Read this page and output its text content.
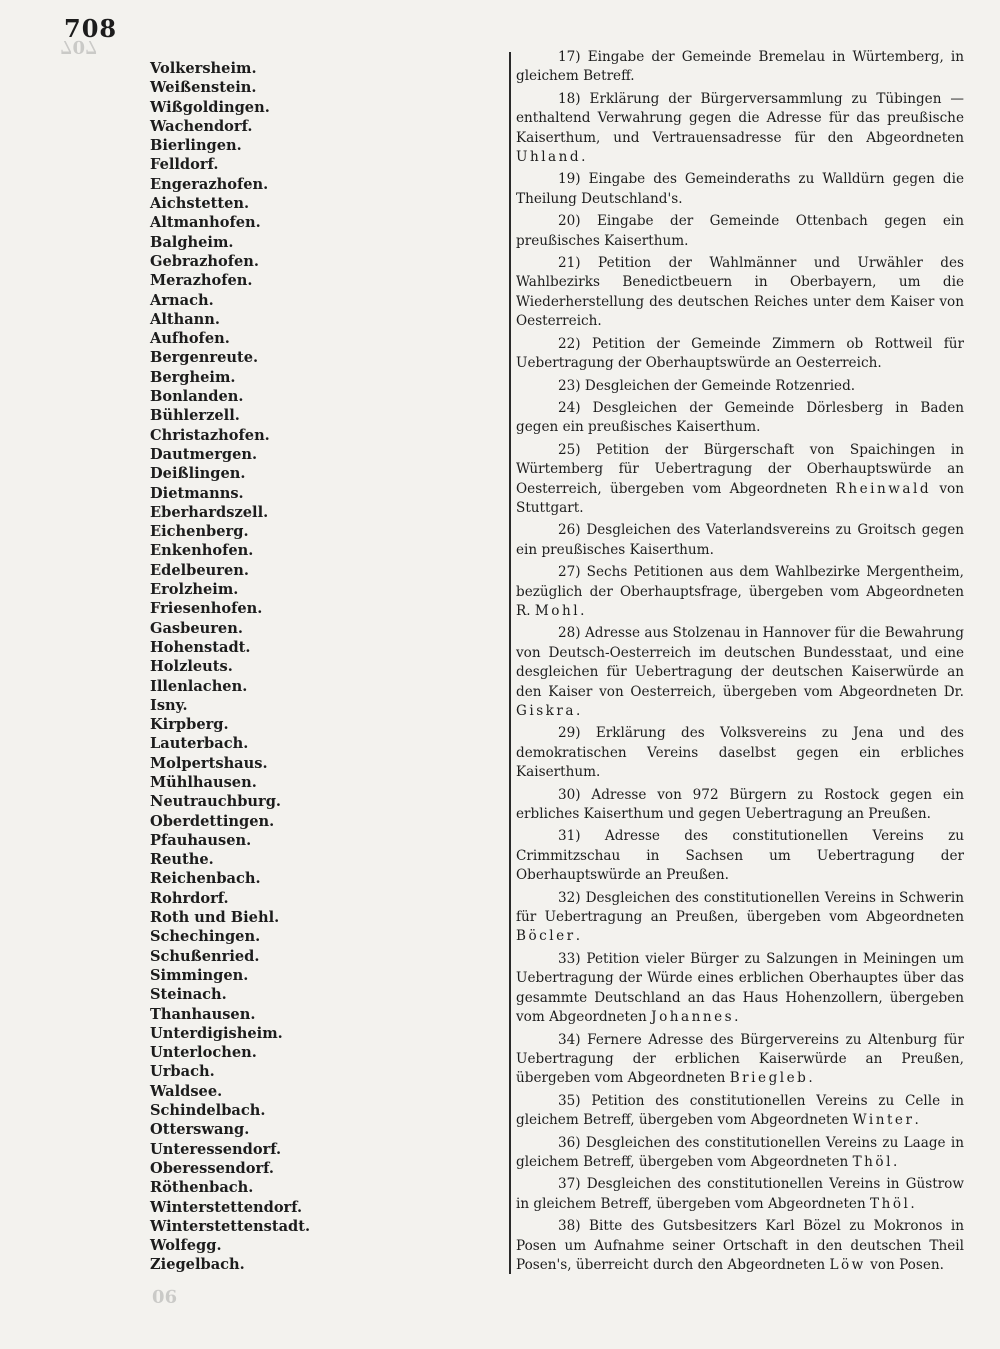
708
707
90
Volkersheim.
Weißenstein.
Wißgoldingen.
Wachendorf.
Bierlingen.
Felldorf.
Engerazhofen.
Aichstetten.
Altmanhofen.
Balgheim.
Gebrazhofen.
Merazhofen.
Arnach.
Althann.
Aufhofen.
Bergenreute.
Bergheim.
Bonlanden.
Bühlerzell.
Christazhofen.
Dautmergen.
Deißlingen.
Dietmanns.
Eberhardszell.
Eichenberg.
Enkenhofen.
Edelbeuren.
Erolzheim.
Friesenhofen.
Gasbeuren.
Hohenstadt.
Holzleuts.
Illenlachen.
Isny.
Kirpberg.
Lauterbach.
Molpertshaus.
Mühlhausen.
Neutrauchburg.
Oberdettingen.
Pfauhausen.
Reuthe.
Reichenbach.
Rohrdorf.
Roth und Biehl.
Schechingen.
Schußenried.
Simmingen.
Steinach.
Thanhausen.
Unterdigisheim.
Unterlochen.
Urbach.
Waldsee.
Schindelbach.
Otterswang.
Unteressendorf.
Oberessendorf.
Röthenbach.
Winterstettendorf.
Winterstettenstadt.
Wolfegg.
Ziegelbach.

17) Eingabe der Gemeinde Bremelau in Würtemberg, in gleichem Betreff.

18) Erklärung der Bürgerversammlung zu Tübingen — enthaltend Verwahrung gegen die Adresse für das preußische Kaiserthum, und Vertrauensadresse für den Abgeordneten Uhland.

19) Eingabe des Gemeinderaths zu Walldürn gegen die Theilung Deutschland's.

20) Eingabe der Gemeinde Ottenbach gegen ein preußisches Kaiserthum.

21) Petition der Wahlmänner und Urwähler des Wahlbezirks Benedictbeuern in Oberbayern, um die Wiederherstellung des deutschen Reiches unter dem Kaiser von Oesterreich.

22) Petition der Gemeinde Zimmern ob Rottweil für Uebertragung der Oberhauptswürde an Oesterreich.

23) Desgleichen der Gemeinde Rotzenried.

24) Desgleichen der Gemeinde Dörlesberg in Baden gegen ein preußisches Kaiserthum.

25) Petition der Bürgerschaft von Spaichingen in Würtemberg für Uebertragung der Oberhauptswürde an Oesterreich, übergeben vom Abgeordneten Rheinwald von Stuttgart.

26) Desgleichen des Vaterlandsvereins zu Groitsch gegen ein preußisches Kaiserthum.

27) Sechs Petitionen aus dem Wahlbezirke Mergentheim, bezüglich der Oberhauptsfrage, übergeben vom Abgeordneten R. Mohl.

28) Adresse aus Stolzenau in Hannover für die Bewahrung von Deutsch-Oesterreich im deutschen Bundesstaat, und eine desgleichen für Uebertragung der deutschen Kaiserwürde an den Kaiser von Oesterreich, übergeben vom Abgeordneten Dr. Giskra.

29) Erklärung des Volksvereins zu Jena und des demokratischen Vereins daselbst gegen ein erbliches Kaiserthum.

30) Adresse von 972 Bürgern zu Rostock gegen ein erbliches Kaiserthum und gegen Uebertragung an Preußen.

31) Adresse des constitutionellen Vereins zu Crimmitzschau in Sachsen um Uebertragung der Oberhauptswürde an Preußen.

32) Desgleichen des constitutionellen Vereins in Schwerin für Uebertragung an Preußen, übergeben vom Abgeordneten Böcler.

33) Petition vieler Bürger zu Salzungen in Meiningen um Uebertragung der Würde eines erblichen Oberhauptes über das gesammte Deutschland an das Haus Hohenzollern, übergeben vom Abgeordneten Johannes.

34) Fernere Adresse des Bürgervereins zu Altenburg für Uebertragung der erblichen Kaiserwürde an Preußen, übergeben vom Abgeordneten Briegleb.

35) Petition des constitutionellen Vereins zu Celle in gleichem Betreff, übergeben vom Abgeordneten Winter.

36) Desgleichen des constitutionellen Vereins zu Laage in gleichem Betreff, übergeben vom Abgeordneten Thöl.

37) Desgleichen des constitutionellen Vereins in Güstrow in gleichem Betreff, übergeben vom Abgeordneten Thöl.

38) Bitte des Gutsbesitzers Karl Bözel zu Mokronos in Posen um Aufnahme seiner Ortschaft in den deutschen Theil Posen's, überreicht durch den Abgeordneten Löw von Posen.
